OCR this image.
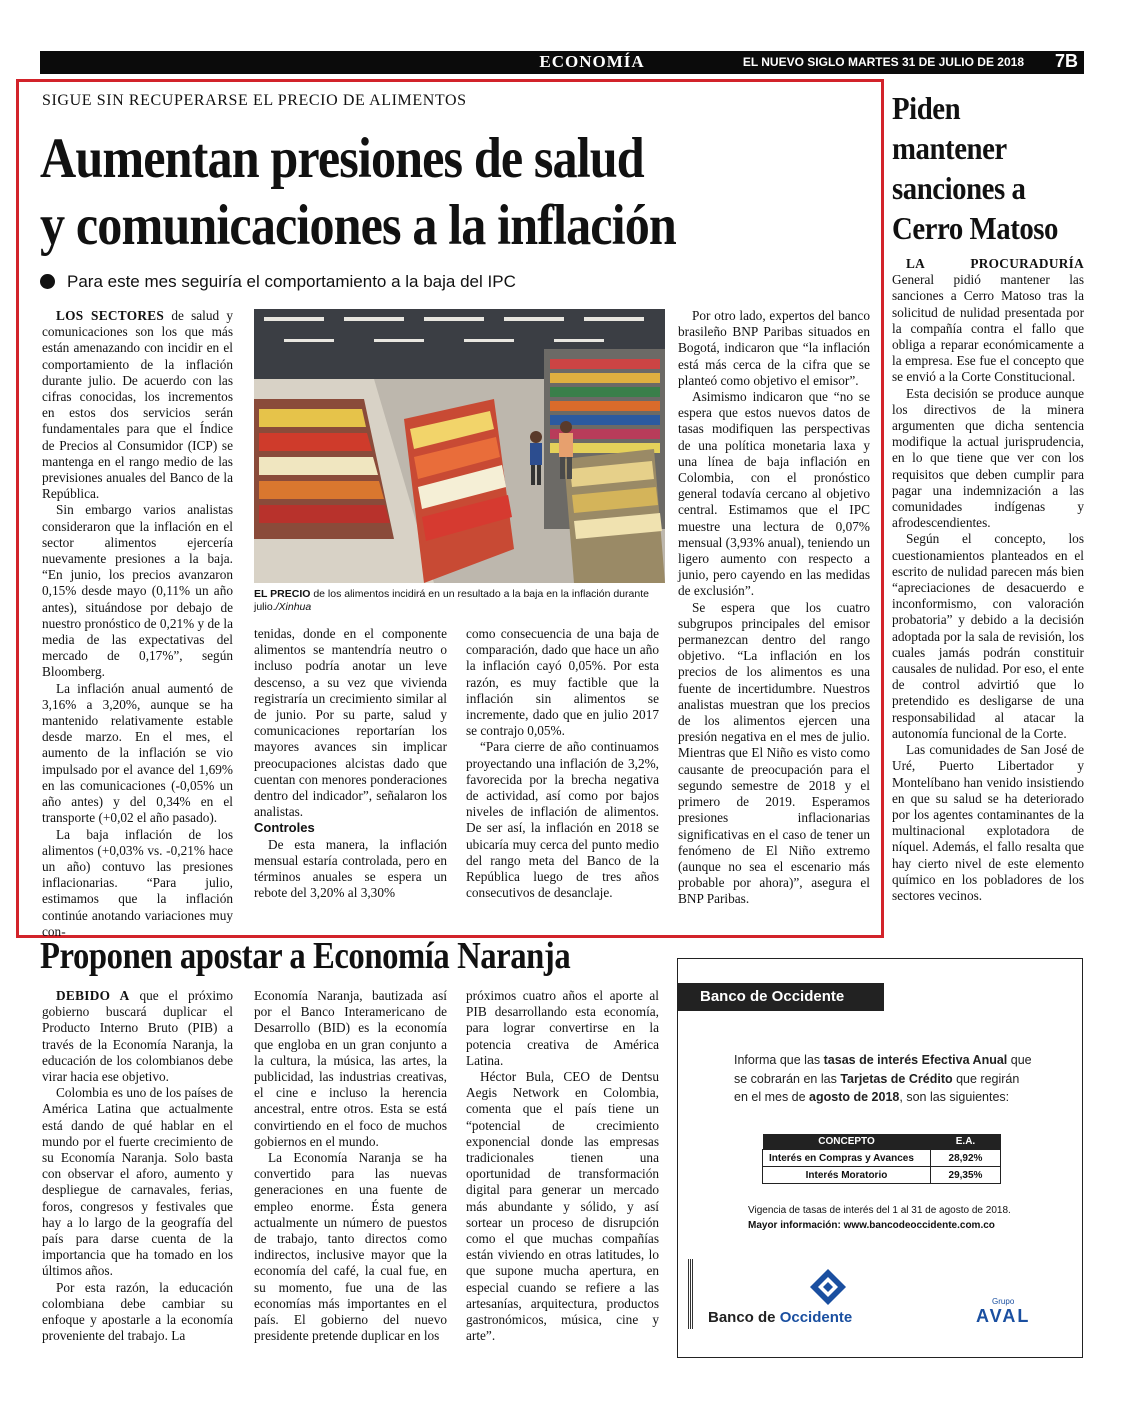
ECONOMÍA	EL NUEVO SIGLO MARTES 31 DE JULIO DE 2018 7B
SIGUE SIN RECUPERARSE EL PRECIO DE ALIMENTOS
Aumentan presiones de salud
y comunicaciones a la inflación
Para este mes seguiría el comportamiento a la baja del IPC

LOS SECTORES de salud y comunicaciones son los que más están amenazando con incidir en el comportamiento de la inflación durante julio. De acuerdo con las cifras conocidas, los incrementos en estos dos servicios serán fundamentales para que el Índice de Precios al Consumidor (ICP) se mantenga en el rango medio de las previsiones anuales del Banco de la República.

Sin embargo varios analistas consideraron que la inflación en el sector alimentos ejercería nuevamente presiones a la baja. “En junio, los precios avanzaron 0,15% desde mayo (0,11% un año antes), situándose por debajo de nuestro pronóstico de 0,21% y de la media de las expectativas del mercado de 0,17%”, según Bloomberg.

La inflación anual aumentó de 3,16% a 3,20%, aunque se ha mantenido relativamente estable desde marzo. En el mes, el aumento de la inflación se vio impulsado por el avance del 1,69% en las comunicaciones (-0,05% un año antes) y del 0,34% en el transporte (+0,02 el año pasado).

La baja inflación de los alimentos (+0,03% vs. -0,21% hace un año) contuvo las presiones inflacionarias. “Para julio, estimamos que la inflación continúe anotando variaciones muy con-

EL PRECIO de los alimentos incidirá en un resultado a la baja en la inflación durante julio./Xinhua

tenidas, donde en el componente alimentos se mantendría neutro o incluso podría anotar un leve descenso, a su vez que vivienda registraría un crecimiento similar al de junio. Por su parte, salud y comunicaciones reportarían los mayores avances sin implicar preocupaciones alcistas dado que cuentan con menores ponderaciones dentro del indicador”, señalaron los analistas.

Controles

De esta manera, la inflación mensual estaría controlada, pero en términos anuales se espera un rebote del 3,20% al 3,30%

como consecuencia de una baja de comparación, dado que hace un año la inflación cayó 0,05%. Por esta razón, es muy factible que la inflación sin alimentos se incremente, dado que en julio 2017 se contrajo 0,05%.

“Para cierre de año continuamos proyectando una inflación de 3,2%, favorecida por la brecha negativa de actividad, así como por bajos niveles de inflación de alimentos. De ser así, la inflación en 2018 se ubicaría muy cerca del punto medio del rango meta del Banco de la República luego de tres años consecutivos de desanclaje.

Por otro lado, expertos del banco brasileño BNP Paribas situados en Bogotá, indicaron que “la inflación está más cerca de la cifra que se planteó como objetivo el emisor”.

Asimismo indicaron que “no se espera que estos nuevos datos de tasas modifiquen las perspectivas de una política monetaria laxa y una línea de baja inflación en Colombia, con el pronóstico general todavía cercano al objetivo central. Estimamos que el IPC muestre una lectura de 0,07% mensual (3,93% anual), teniendo un ligero aumento con respecto a junio, pero cayendo en las medidas de exclusión”.

Se espera que los cuatro subgrupos principales del emisor permanezcan dentro del rango objetivo. “La inflación en los precios de los alimentos es una fuente de incertidumbre. Nuestros analistas muestran que los precios de los alimentos ejercen una presión negativa en el mes de julio. Mientras que El Niño es visto como causante de preocupación para el segundo semestre de 2018 y el primero de 2019. Esperamos presiones inflacionarias significativas en el caso de tener un fenómeno de El Niño extremo (aunque no sea el escenario más probable por ahora)”, asegura el BNP Paribas.

Piden mantener sanciones a Cerro Matoso

LA PROCURADURÍA General pidió mantener las sanciones a Cerro Matoso tras la solicitud de nulidad presentada por la compañía contra el fallo que obliga a reparar económicamente a la empresa. Ese fue el concepto que se envió a la Corte Constitucional.

Esta decisión se produce aunque los directivos de la minera argumenten que dicha sentencia modifique la actual jurisprudencia, en lo que tiene que ver con los requisitos que deben cumplir para pagar una indemnización a las comunidades indígenas y afrodescendientes.

Según el concepto, los cuestionamientos planteados en el escrito de nulidad parecen más bien “apreciaciones de desacuerdo e inconformismo, con valoración probatoria” y debido a la decisión adoptada por la sala de revisión, los cuales jamás podrán constituir causales de nulidad. Por eso, el ente de control advirtió que lo pretendido es desligarse de una responsabilidad al atacar la autonomía funcional de la Corte.

Las comunidades de San José de Uré, Puerto Libertador y Montelíbano han venido insistiendo en que su salud se ha deteriorado por los agentes contaminantes de la multinacional explotadora de níquel. Además, el fallo resalta que hay cierto nivel de este elemento químico en los pobladores de los sectores vecinos.

Proponen apostar a Economía Naranja

DEBIDO A que el próximo gobierno buscará duplicar el Producto Interno Bruto (PIB) a través de la Economía Naranja, la educación de los colombianos debe virar hacia ese objetivo.

Colombia es uno de los países de América Latina que actualmente está dando de qué hablar en el mundo por el fuerte crecimiento de su Economía Naranja. Solo basta con observar el aforo, aumento y despliegue de carnavales, ferias, foros, congresos y festivales que hay a lo largo de la geografía del país para darse cuenta de la importancia que ha tomado en los últimos años.

Por esta razón, la educación colombiana debe cambiar su enfoque y apostarle a la economía proveniente del trabajo. La

Economía Naranja, bautizada así por el Banco Interamericano de Desarrollo (BID) es la economía que engloba en un gran conjunto a la cultura, la música, las artes, la publicidad, las industrias creativas, el cine e incluso la herencia ancestral, entre otros. Esta se está convirtiendo en el foco de muchos gobiernos en el mundo.

La Economía Naranja se ha convertido para las nuevas generaciones en una fuente de empleo enorme. Ésta genera actualmente un número de puestos de trabajo, tanto directos como indirectos, inclusive mayor que la economía del café, la cual fue, en su momento, fue una de las economías más importantes en el país. El gobierno del nuevo presidente pretende duplicar en los

próximos cuatro años el aporte al PIB desarrollando esta economía, para lograr convertirse en la potencia creativa de América Latina.

Héctor Bula, CEO de Dentsu Aegis Network en Colombia, comenta que el país tiene un “potencial de crecimiento exponencial donde las empresas tradicionales tienen una oportunidad de transformación digital para generar un mercado más abundante y sólido, y así sortear un proceso de disrupción como el que muchas compañías están viviendo en otras latitudes, lo que supone mucha apertura, en especial cuando se refiere a las artesanías, arquitectura, productos gastronómicos, música, cine y arte”.

Banco de Occidente
Informa que las tasas de interés Efectiva Anual que se cobrarán en las Tarjetas de Crédito que regirán en el mes de agosto de 2018, son las siguientes:
CONCEPTO	E.A.
Interés en Compras y Avances	28,92%
Interés Moratorio	29,35%
Vigencia de tasas de interés del 1 al 31 de agosto de 2018.
Mayor información: www.bancodeoccidente.com.co
Banco de Occidente
Grupo
AVAL
